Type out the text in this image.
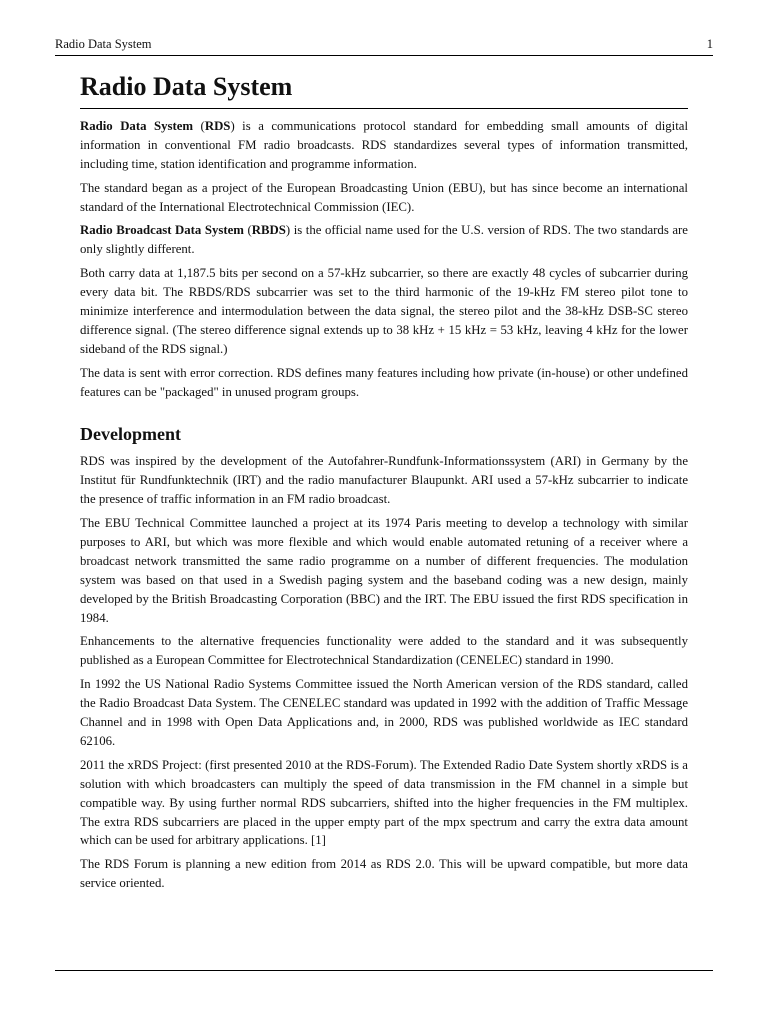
Radio Data System	1
Radio Data System

Radio Data System (RDS) is a communications protocol standard for embedding small amounts of digital information in conventional FM radio broadcasts. RDS standardizes several types of information transmitted, including time, station identification and programme information.

The standard began as a project of the European Broadcasting Union (EBU), but has since become an international standard of the International Electrotechnical Commission (IEC).

Radio Broadcast Data System (RBDS) is the official name used for the U.S. version of RDS. The two standards are only slightly different.

Both carry data at 1,187.5 bits per second on a 57-kHz subcarrier, so there are exactly 48 cycles of subcarrier during every data bit. The RBDS/RDS subcarrier was set to the third harmonic of the 19-kHz FM stereo pilot tone to minimize interference and intermodulation between the data signal, the stereo pilot and the 38-kHz DSB-SC stereo difference signal. (The stereo difference signal extends up to 38 kHz + 15 kHz = 53 kHz, leaving 4 kHz for the lower sideband of the RDS signal.)

The data is sent with error correction. RDS defines many features including how private (in-house) or other undefined features can be "packaged" in unused program groups.

Development

RDS was inspired by the development of the Autofahrer-Rundfunk-Informationssystem (ARI) in Germany by the Institut für Rundfunktechnik (IRT) and the radio manufacturer Blaupunkt. ARI used a 57-kHz subcarrier to indicate the presence of traffic information in an FM radio broadcast.

The EBU Technical Committee launched a project at its 1974 Paris meeting to develop a technology with similar purposes to ARI, but which was more flexible and which would enable automated retuning of a receiver where a broadcast network transmitted the same radio programme on a number of different frequencies. The modulation system was based on that used in a Swedish paging system and the baseband coding was a new design, mainly developed by the British Broadcasting Corporation (BBC) and the IRT. The EBU issued the first RDS specification in 1984.

Enhancements to the alternative frequencies functionality were added to the standard and it was subsequently published as a European Committee for Electrotechnical Standardization (CENELEC) standard in 1990.

In 1992 the US National Radio Systems Committee issued the North American version of the RDS standard, called the Radio Broadcast Data System. The CENELEC standard was updated in 1992 with the addition of Traffic Message Channel and in 1998 with Open Data Applications and, in 2000, RDS was published worldwide as IEC standard 62106.

2011 the xRDS Project: (first presented 2010 at the RDS-Forum). The Extended Radio Date System shortly xRDS is a solution with which broadcasters can multiply the speed of data transmission in the FM channel in a simple but compatible way. By using further normal RDS subcarriers, shifted into the higher frequencies in the FM multiplex. The extra RDS subcarriers are placed in the upper empty part of the mpx spectrum and carry the extra data amount which can be used for arbitrary applications. [1]

The RDS Forum is planning a new edition from 2014 as RDS 2.0. This will be upward compatible, but more data service oriented.
